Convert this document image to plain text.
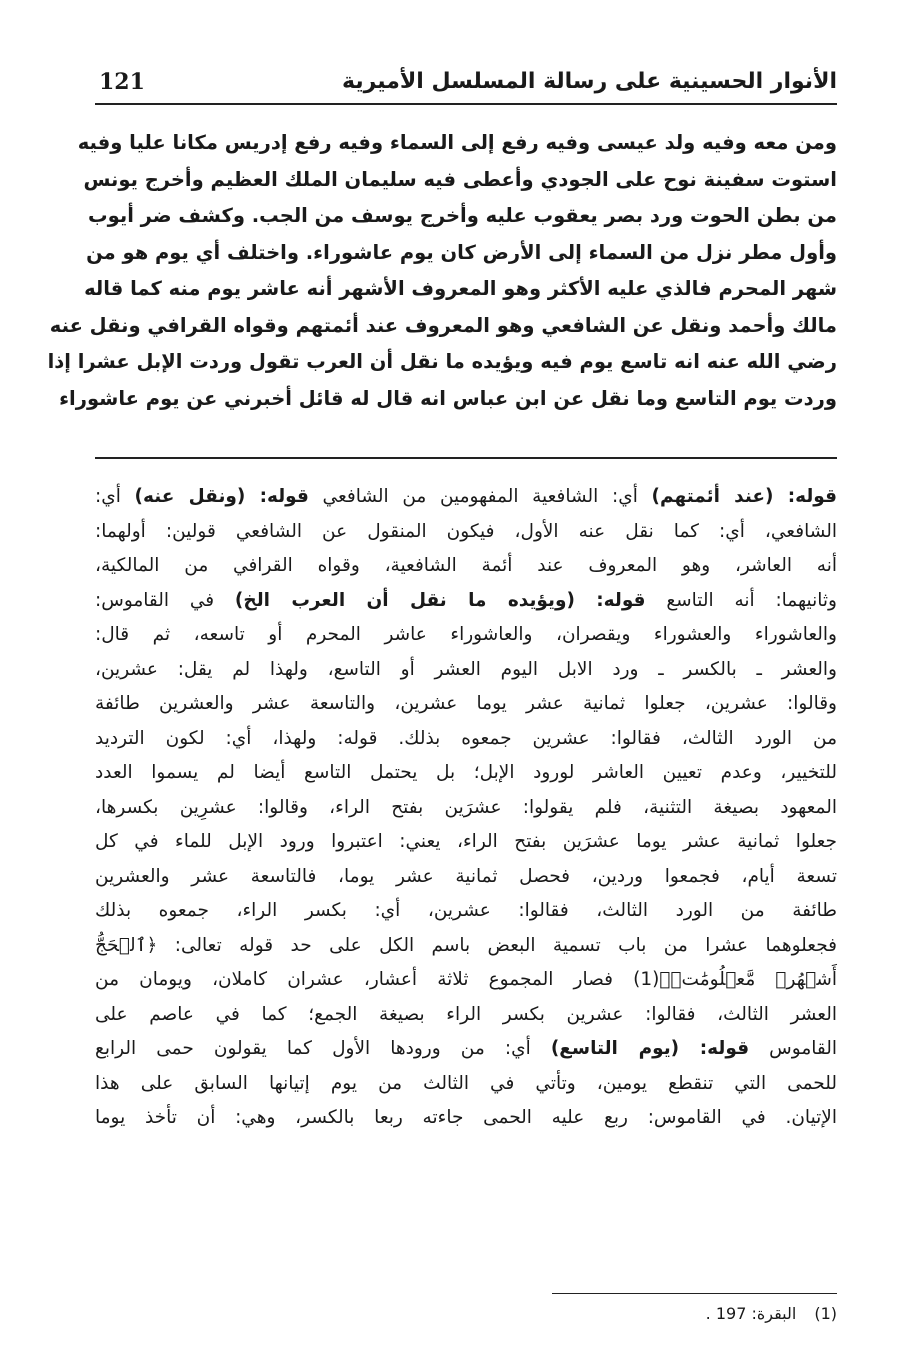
الأنوار الحسينية على رسالة المسلسل الأميرية
121
ومن معه وفيه ولد عيسى وفيه رفع إلى السماء وفيه رفع إدريس مكانا عليا وفيه
استوت سفينة نوح على الجودي وأعطى فيه سليمان الملك العظيم وأخرج يونس
من بطن الحوت ورد بصر يعقوب عليه وأخرج يوسف من الجب. وكشف ضر أيوب
وأول مطر نزل من السماء إلى الأرض كان يوم عاشوراء. واختلف أي يوم هو من
شهر المحرم فالذي عليه الأكثر وهو المعروف الأشهر أنه عاشر يوم منه كما قاله
مالك وأحمد ونقل عن الشافعي وهو المعروف عند أئمتهم وقواه القرافي ونقل عنه
رضي الله عنه انه تاسع يوم فيه ويؤيده ما نقل أن العرب تقول وردت الإبل عشرا إذا
وردت يوم التاسع وما نقل عن ابن عباس انه قال له قائل أخبرني عن يوم عاشوراء
قوله: (عند أئمتهم) أي: الشافعية المفهومين من الشافعي قوله: (ونقل عنه) أي:
الشافعي، أي: كما نقل عنه الأول، فيكون المنقول عن الشافعي قولين: أولهما:
أنه العاشر، وهو المعروف عند أئمة الشافعية، وقواه القرافي من المالكية،
وثانيهما: أنه التاسع قوله: (ويؤيده ما نقل أن العرب الخ) في القاموس:
والعاشوراء والعشوراء ويقصران، والعاشوراء عاشر المحرم أو تاسعه، ثم قال:
والعشر ـ بالكسر ـ ورد الابل اليوم العشر أو التاسع، ولهذا لم يقل: عشرين،
وقالوا: عشرين، جعلوا ثمانية عشر يوما عشرين، والتاسعة عشر والعشرين طائفة
من الورد الثالث، فقالوا: عشرين جمعوه بذلك. قوله: ولهذا، أي: لكون الترديد
للتخيير، وعدم تعيين العاشر لورود الإبل؛ بل يحتمل التاسع أيضا لم يسموا العدد
المعهود بصيغة التثنية، فلم يقولوا: عشرَين بفتح الراء، وقالوا: عشرِين بكسرها،
جعلوا ثمانية عشر يوما عشرَين بفتح الراء، يعني: اعتبروا ورود الإبل للماء في كل
تسعة أيام، فجمعوا وردين، فحصل ثمانية عشر يوما، فالتاسعة عشر والعشرين
طائفة من الورد الثالث، فقالوا: عشرين، أي: بكسر الراء، جمعوه بذلك
فجعلوهما عشرا من باب تسمية البعض باسم الكل على حد قوله تعالى: ﴿ٱلۡحَجُّ
أَشۡهُرٞ مَّعۡلُومَٰتٞ﴾(1) فصار المجموع ثلاثة أعشار، عشران كاملان، ويومان من
العشر الثالث، فقالوا: عشرين بكسر الراء بصيغة الجمع؛ كما في عاصم على
القاموس قوله: (يوم التاسع) أي: من ورودها الأول كما يقولون حمى الرابع
للحمى التي تنقطع يومين، وتأتي في الثالث من يوم إتيانها السابق على هذا
الإتيان. في القاموس: ربع عليه الحمى جاءته ربعا بالكسر، وهي: أن تأخذ يوما
(1)البقرة: 197 .
